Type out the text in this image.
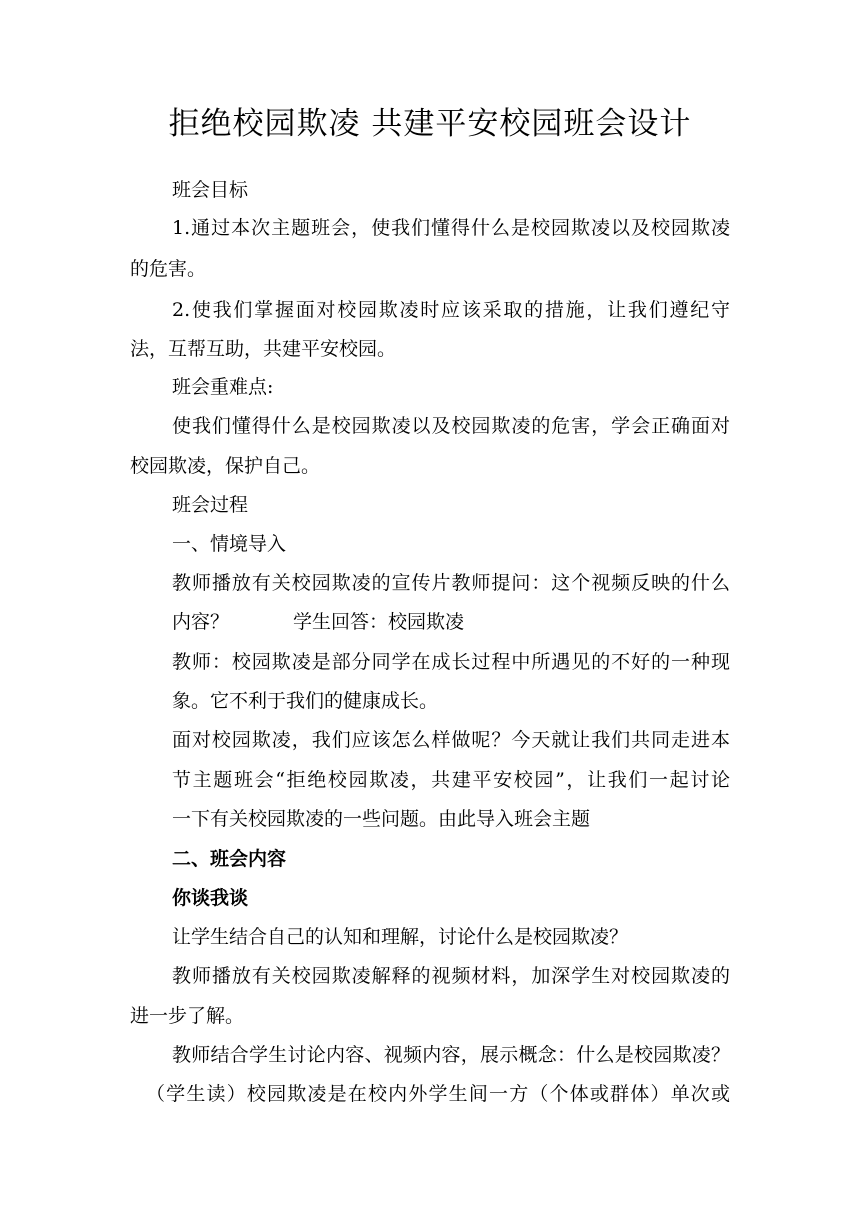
拒绝校园欺凌 共建平安校园班会设计
班会目标
1.通过本次主题班会，使我们懂得什么是校园欺凌以及校园欺凌
的危害。
2.使我们掌握面对校园欺凌时应该采取的措施，让我们遵纪守
法，互帮互助，共建平安校园。
班会重难点:
使我们懂得什么是校园欺凌以及校园欺凌的危害，学会正确面对
校园欺凌，保护自己。
班会过程
一、情境导入
教师播放有关校园欺凌的宣传片教师提问：这个视频反映的什么
内容？	学生回答：校园欺凌
教师：校园欺凌是部分同学在成长过程中所遇见的不好的一种现
象。它不利于我们的健康成长。
面对校园欺凌，我们应该怎么样做呢？今天就让我们共同走进本
节主题班会“拒绝校园欺凌，共建平安校园”，让我们一起讨论
一下有关校园欺凌的一些问题。由此导入班会主题
二、班会内容
你谈我谈
让学生结合自己的认知和理解，讨论什么是校园欺凌？
教师播放有关校园欺凌解释的视频材料，加深学生对校园欺凌的
进一步了解。
教师结合学生讨论内容、视频内容，展示概念：什么是校园欺凌？
（学生读）校园欺凌是在校内外学生间一方（个体或群体）单次或
